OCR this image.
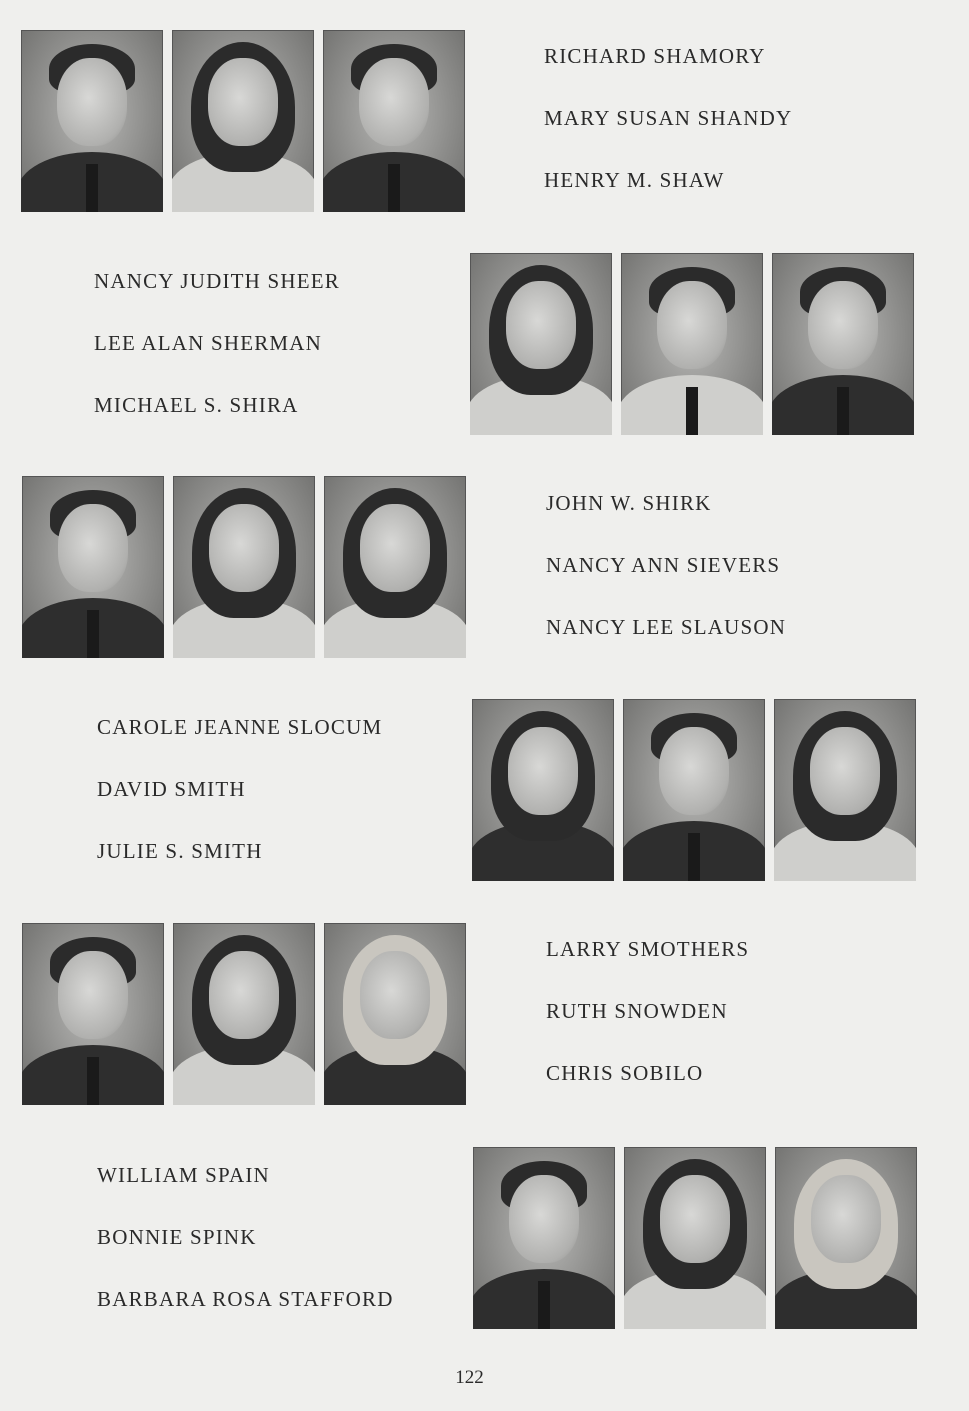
RICHARD SHAMORY
MARY SUSAN SHANDY
HENRY M. SHAW
NANCY JUDITH SHEER
LEE ALAN SHERMAN
MICHAEL S. SHIRA
JOHN W. SHIRK
NANCY ANN SIEVERS
NANCY LEE SLAUSON
CAROLE JEANNE SLOCUM
DAVID SMITH
JULIE S. SMITH
LARRY SMOTHERS
RUTH SNOWDEN
CHRIS SOBILO
WILLIAM SPAIN
BONNIE SPINK
BARBARA ROSA STAFFORD
122
